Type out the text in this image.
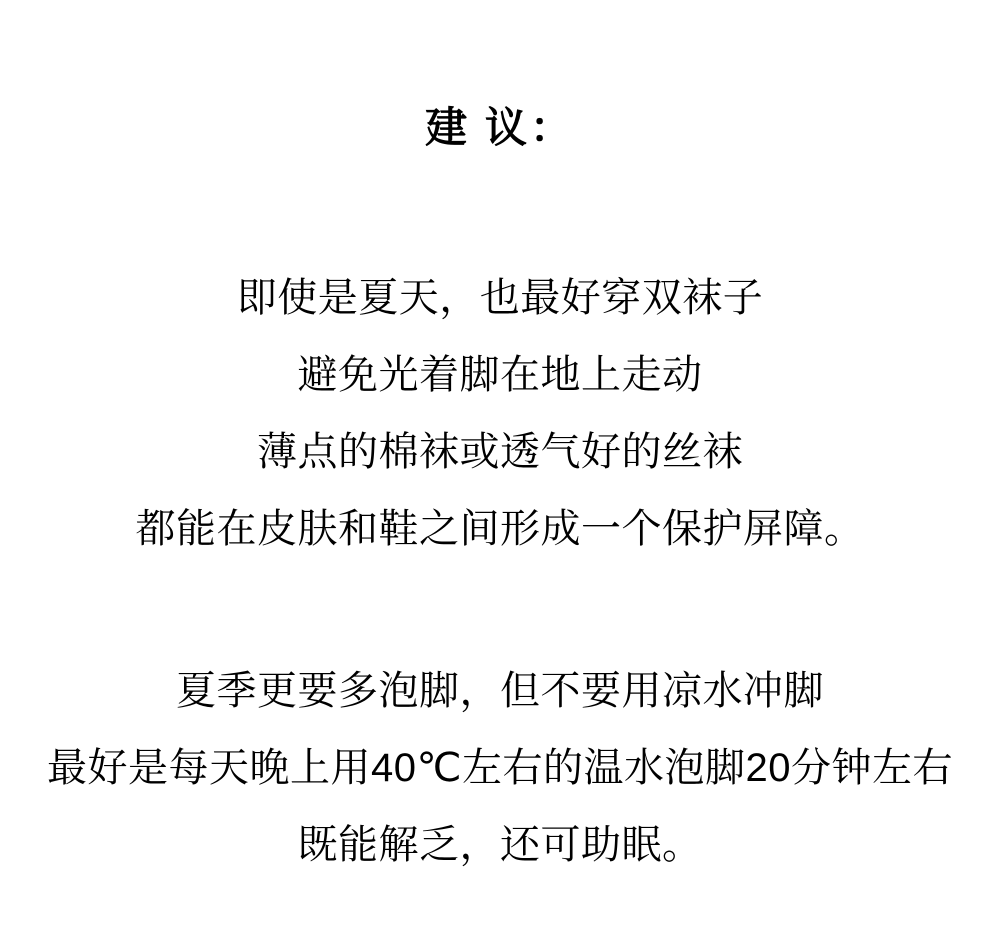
建 议：

即使是夏天，也最好穿双袜子

避免光着脚在地上走动

薄点的棉袜或透气好的丝袜

都能在皮肤和鞋之间形成一个保护屏障。

夏季更要多泡脚，但不要用凉水冲脚

最好是每天晚上用40℃左右的温水泡脚20分钟左右

既能解乏，还可助眠。
